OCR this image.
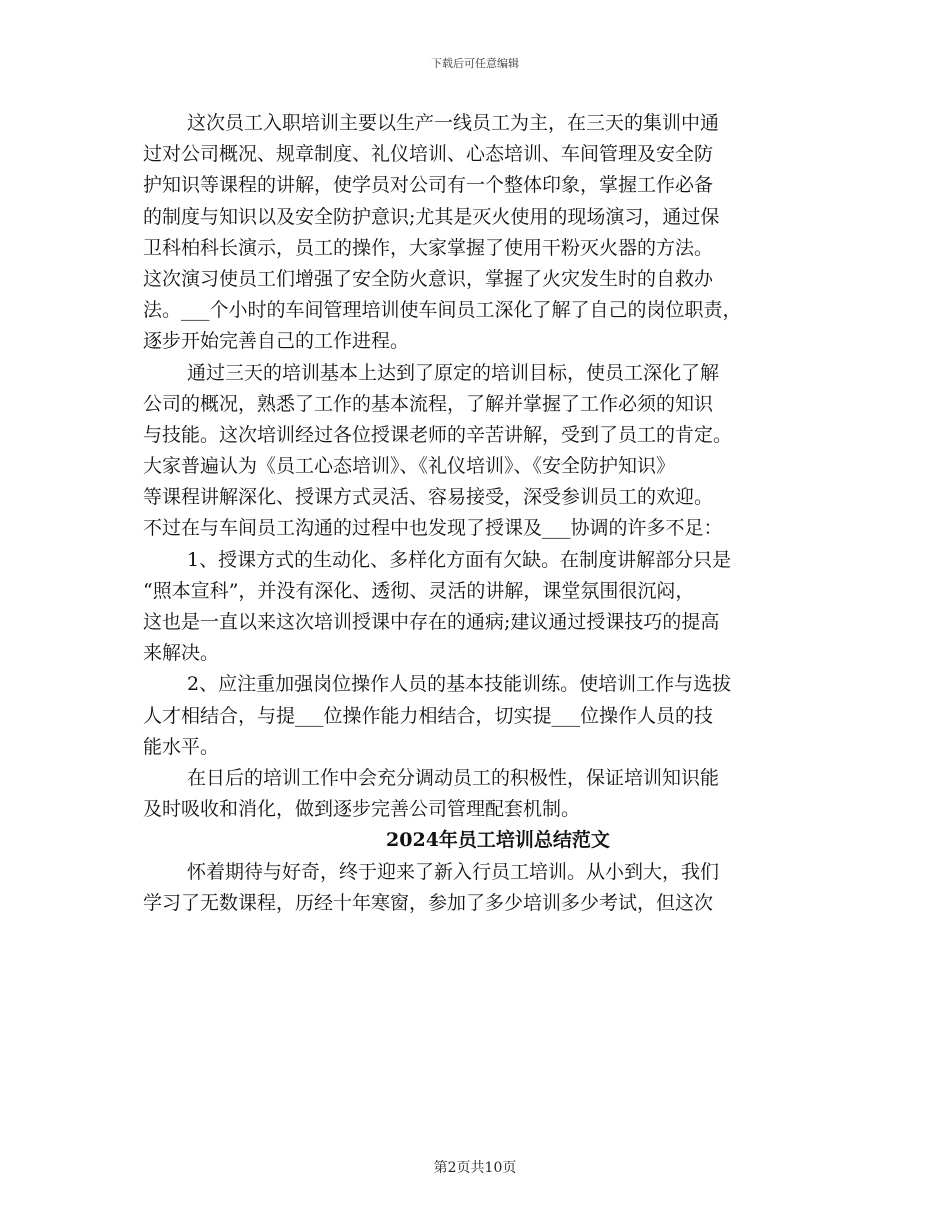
下载后可任意编辑
这次员工入职培训主要以生产一线员工为主，在三天的集训中通
过对公司概况、规章制度、礼仪培训、心态培训、车间管理及安全防
护知识等课程的讲解，使学员对公司有一个整体印象，掌握工作必备
的制度与知识以及安全防护意识;尤其是灭火使用的现场演习，通过保
卫科柏科长演示，员工的操作，大家掌握了使用干粉灭火器的方法。
这次演习使员工们增强了安全防火意识，掌握了火灾发生时的自救办
法。___个小时的车间管理培训使车间员工深化了解了自己的岗位职责，
逐步开始完善自己的工作进程。
通过三天的培训基本上达到了原定的培训目标，使员工深化了解
公司的概况，熟悉了工作的基本流程，了解并掌握了工作必须的知识
与技能。这次培训经过各位授课老师的辛苦讲解，受到了员工的肯定。
大家普遍认为《员工心态培训》、《礼仪培训》、《安全防护知识》
等课程讲解深化、授课方式灵活、容易接受，深受参训员工的欢迎。
不过在与车间员工沟通的过程中也发现了授课及___协调的许多不足：
1、授课方式的生动化、多样化方面有欠缺。在制度讲解部分只是
“照本宣科”，并没有深化、透彻、灵活的讲解，课堂氛围很沉闷，
这也是一直以来这次培训授课中存在的通病;建议通过授课技巧的提高
来解决。
2、应注重加强岗位操作人员的基本技能训练。使培训工作与选拔
人才相结合，与提___位操作能力相结合，切实提___位操作人员的技
能水平。
在日后的培训工作中会充分调动员工的积极性，保证培训知识能
及时吸收和消化，做到逐步完善公司管理配套机制。
2024年员工培训总结范文
怀着期待与好奇，终于迎来了新入行员工培训。从小到大，我们
学习了无数课程，历经十年寒窗，参加了多少培训多少考试，但这次
第2页共10页
